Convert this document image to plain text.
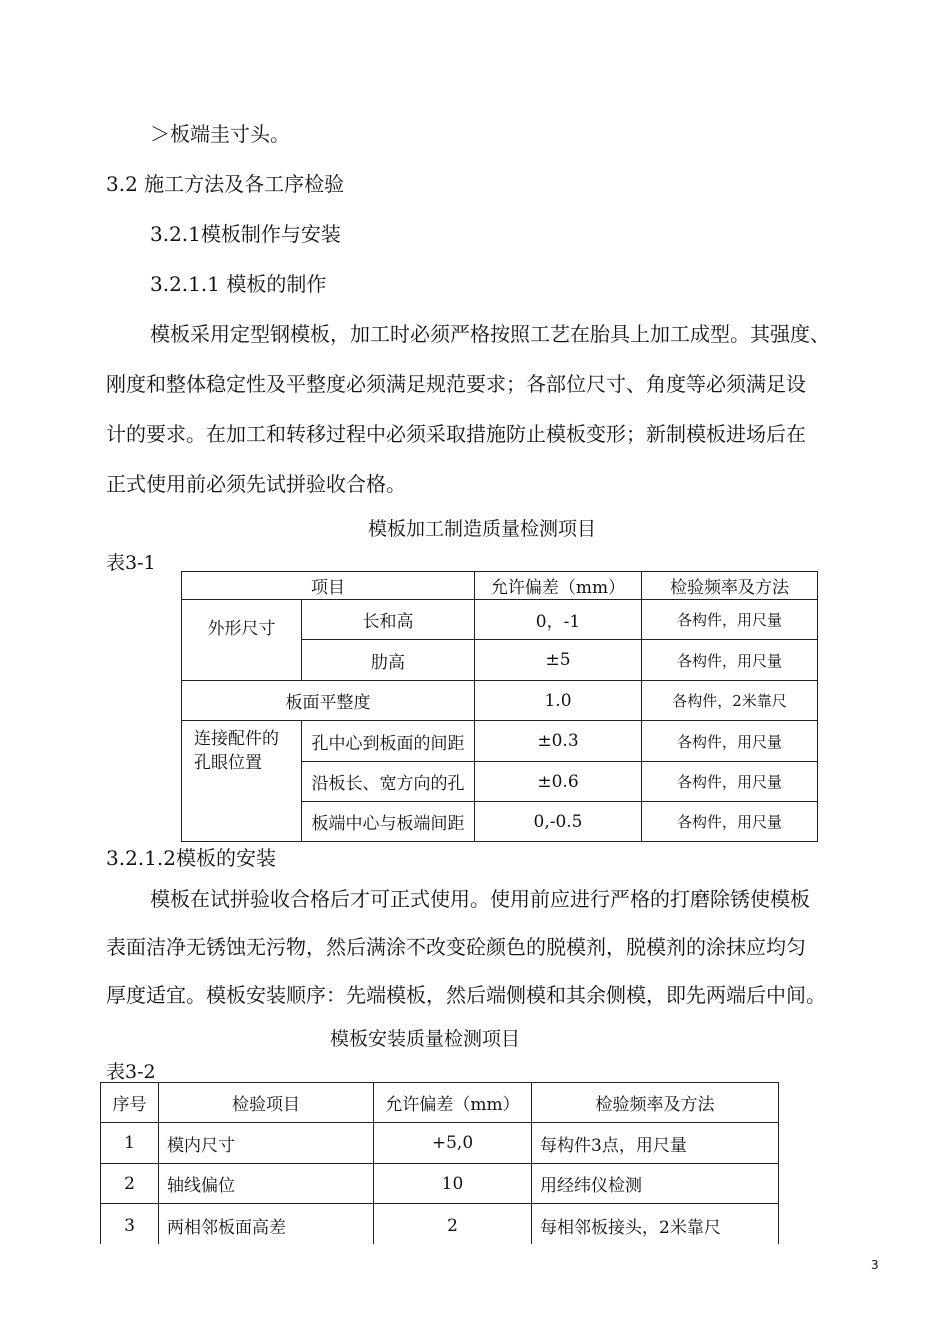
＞板端圭寸头。
3.2 施工方法及各工序检验
3.2.1模板制作与安装
3.2.1.1 模板的制作
模板采用定型钢模板，加工时必须严格按照工艺在胎具上加工成型。其强度、
刚度和整体稳定性及平整度必须满足规范要求；各部位尺寸、角度等必须满足设
计的要求。在加工和转移过程中必须采取措施防止模板变形；新制模板进场后在
正式使用前必须先试拼验收合格。
模板加工制造质量检测项目
表3-1
项目		允许偏差（mm）	检验频率及方法
外形尺寸	长和高	0，-1	各构件，用尺量
	肋高	±5	各构件，用尺量
板面平整度		1.0	各构件，2米靠尺
连接配件的孔眼位置	孔中心到板面的间距	±0.3	各构件，用尺量
	沿板长、宽方向的孔	±0.6	各构件，用尺量
	板端中心与板端间距	0,-0.5	各构件，用尺量
3.2.1.2模板的安装
模板在试拼验收合格后才可正式使用。使用前应进行严格的打磨除锈使模板
表面洁净无锈蚀无污物，然后满涂不改变砼颜色的脱模剂，脱模剂的涂抹应均匀
厚度适宜。模板安装顺序：先端模板，然后端侧模和其余侧模，即先两端后中间。
模板安装质量检测项目
表3-2
序号	检验项目	允许偏差（mm）	检验频率及方法
1	模内尺寸	+5,0	每构件3点，用尺量
2	轴线偏位	10	用经纬仪检测
3	两相邻板面高差	2	每相邻板接头，2米靠尺
3
